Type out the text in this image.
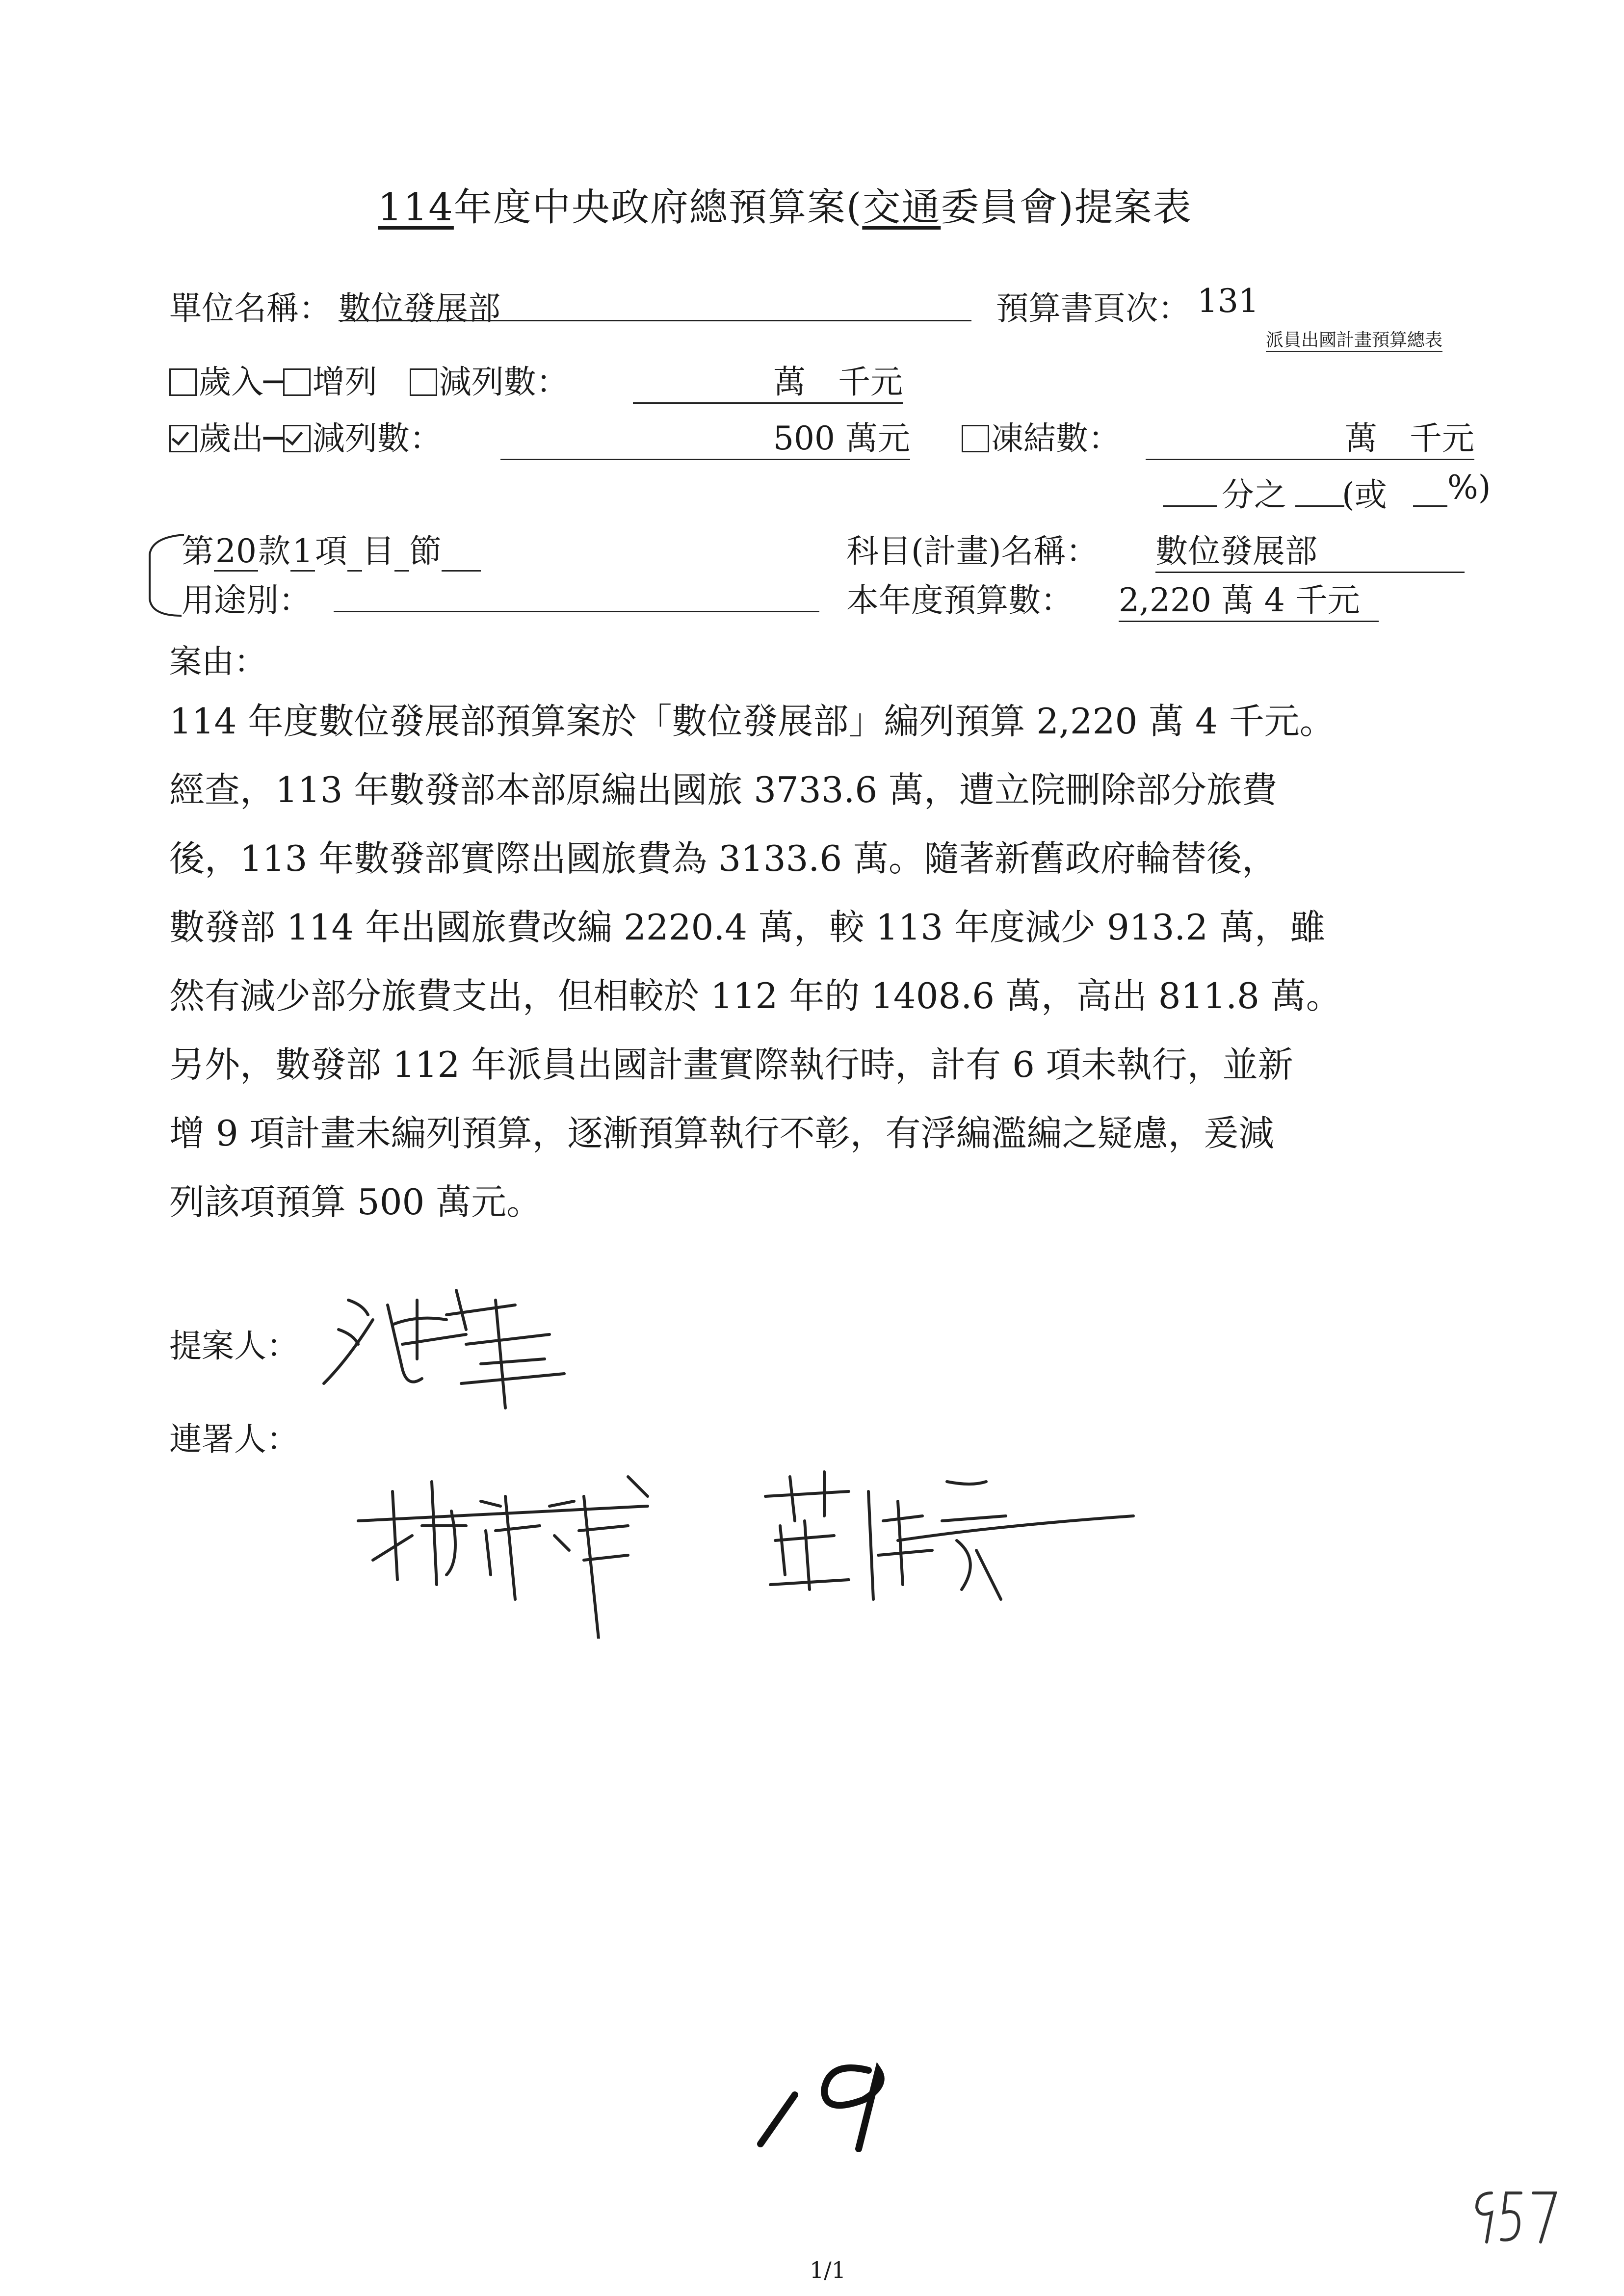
114年度中央政府總預算案(交通委員會)提案表
單位名稱： 數位發展部	預算書頁次： 131
派員出國計畫預算總表
歲入─ 增列　 減列數：	萬　千元
歲出─ 減列數：	500 萬元	凍結數：	萬　千元
分之 (或 %)
第20款1項 目 節	科目(計畫)名稱： 數位發展部
用途別：	本年度預算數： 2,220 萬 4 千元
案由：

114 年度數位發展部預算案於「數位發展部」編列預算 2,220 萬 4 千元。

經查，113 年數發部本部原編出國旅 3733.6 萬，遭立院刪除部分旅費

後，113 年數發部實際出國旅費為 3133.6 萬。隨著新舊政府輪替後，

數發部 114 年出國旅費改編 2220.4 萬，較 113 年度減少 913.2 萬，雖

然有減少部分旅費支出，但相較於 112 年的 1408.6 萬，高出 811.8 萬。

另外，數發部 112 年派員出國計畫實際執行時，計有 6 項未執行，並新

增 9 項計畫未編列預算，逐漸預算執行不彰，有浮編濫編之疑慮，爰減

列該項預算 500 萬元。

提案人：
連署人：
1/1
